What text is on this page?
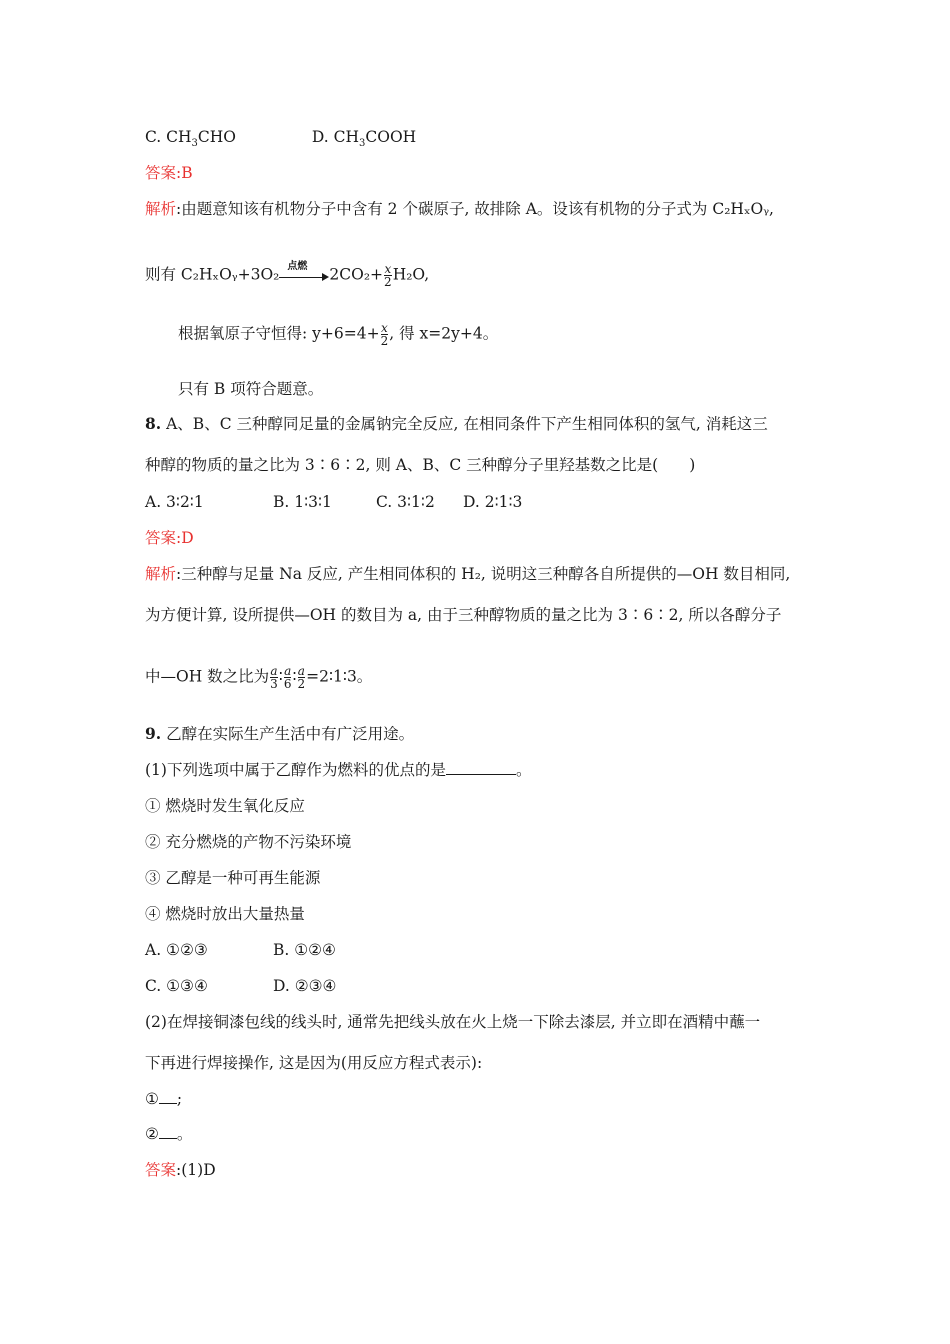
C. $CH_3CHO$	D. $CH_3COOH$
答案:B
解析:由题意知该有机物分子中含有 2 个碳原子, 故排除 A。设该有机物的分子式为 C₂HₓOᵧ,
则有 C₂HₓOᵧ+3O₂ 点燃 $2CO_2+ \frac{x}{2} H_2O$,
根据氧原子守恒得: $y+6=4+ \frac{x}{2}$ , 得 x=2y+4。
只有 B 项符合题意。
8. A、B、C 三种醇同足量的金属钠完全反应, 在相同条件下产生相同体积的氢气, 消耗这三
种醇的物质的量之比为 3∶6∶2, 则 A、B、C 三种醇分子里羟基数之比是(　　)
A. 3∶2∶1	B. 1∶3∶1	C. 3∶1∶2 D. 2∶1∶3
答案:D
解析:三种醇与足量 Na 反应, 产生相同体积的 H₂, 说明这三种醇各自所提供的—OH 数目相同,
为方便计算, 设所提供—OH 的数目为 a, 由于三种醇物质的量之比为 3∶6∶2, 所以各醇分子
中—OH 数之比为 $\frac{a}{3}$ ∶ $\frac{a}{6}$ ∶ $\frac{a}{2}$ =2∶1∶3。
9. 乙醇在实际生产生活中有广泛用途。
(1)下列选项中属于乙醇作为燃料的优点的是	。
① 燃烧时发生氧化反应
② 充分燃烧的产物不污染环境
③ 乙醇是一种可再生能源
④ 燃烧时放出大量热量
A. ①②③	B. ①②④
C. ①③④	D. ②③④
(2)在焊接铜漆包线的线头时, 通常先把线头放在火上烧一下除去漆层, 并立即在酒精中蘸一
下再进行焊接操作, 这是因为(用反应方程式表示):
① ;
② 。
答案:(1)D
